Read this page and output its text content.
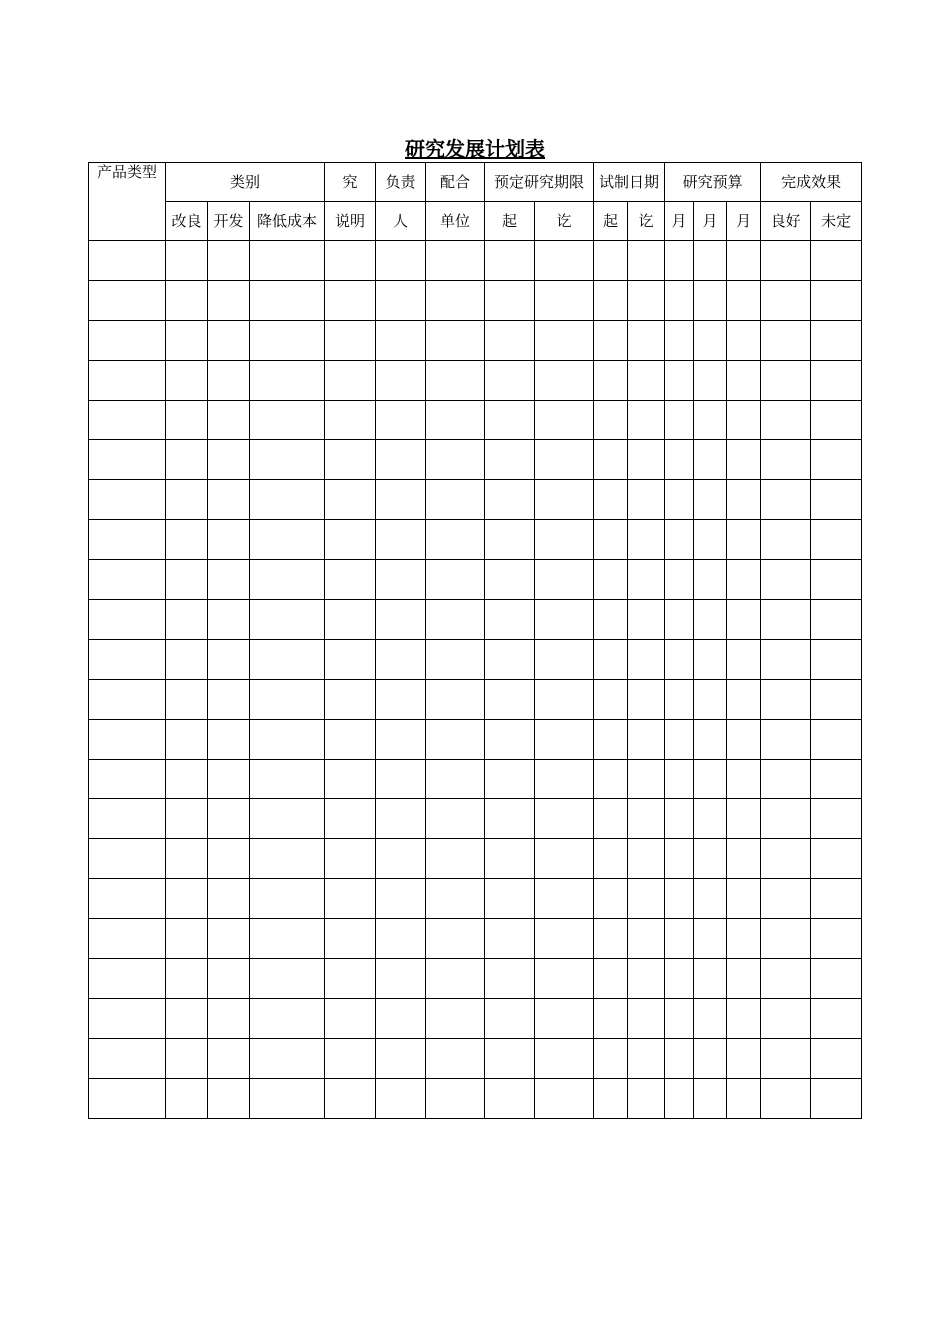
研究发展计划表
产品类型	类别			究	负责	配合	预定研究期限		试制日期		研究预算			完成效果	
	改良	开发	降低成本	说明	人	单位	起	讫	起	讫	月	月	月	良好	未定
